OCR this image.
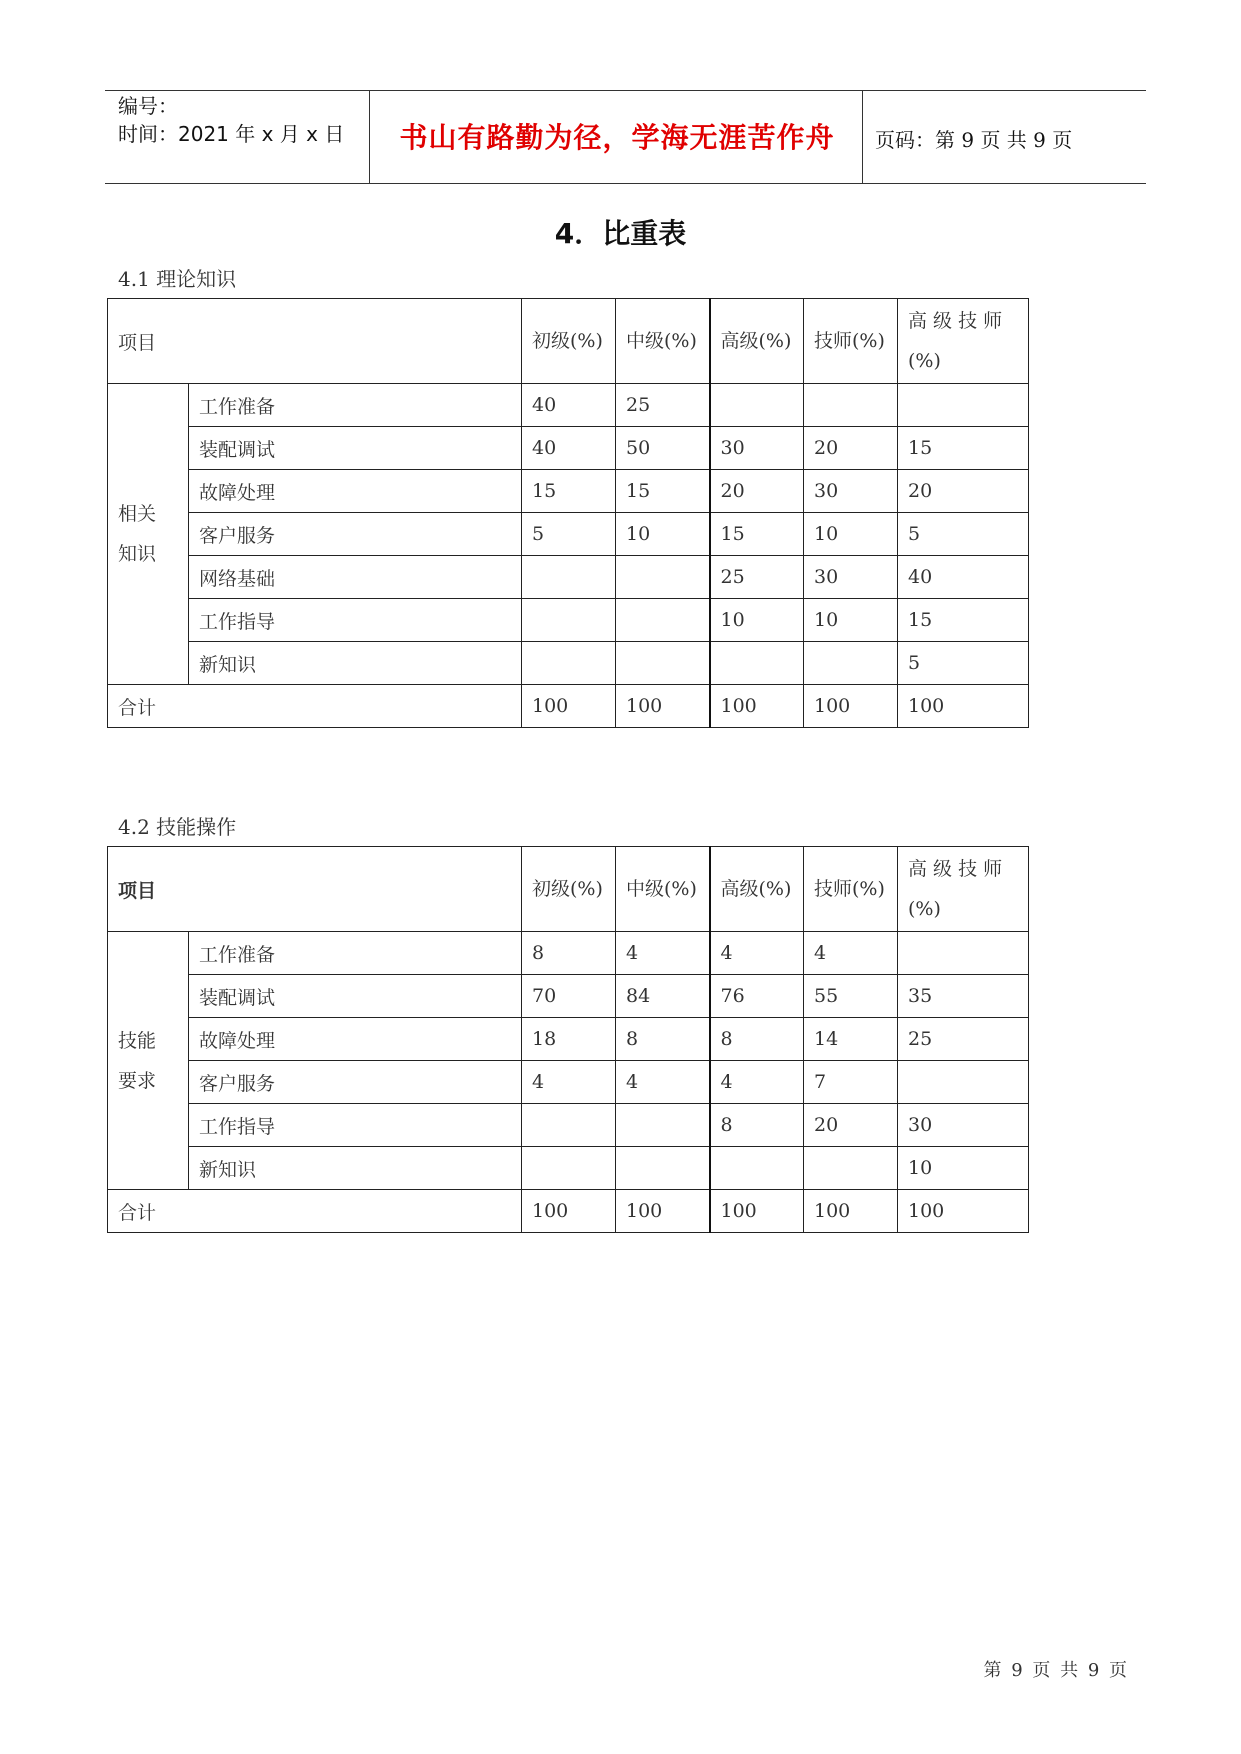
编号：
时间：2021 年 x 月 x 日	书山有路勤为径，学海无涯苦作舟	页码：第 9 页 共 9 页
4．比重表
4.1 理论知识
项目		初级(%)	中级(%)	高级(%)	技师(%)	高 级 技 师 (%)
相关
知识	工作准备	40	25			
	装配调试	40	50	30	20	15
	故障处理	15	15	20	30	20
	客户服务	5	10	15	10	5
	网络基础			25	30	40
	工作指导			10	10	15
	新知识					5
合计		100	100	100	100	100
4.2 技能操作
项目		初级(%)	中级(%)	高级(%)	技师(%)	高 级 技 师 (%)
技能
要求	工作准备	8	4	4	4	
	装配调试	70	84	76	55	35
	故障处理	18	8	8	14	25
	客户服务	4	4	4	7	
	工作指导			8	20	30
	新知识					10
合计		100	100	100	100	100
第 9 页 共 9 页
